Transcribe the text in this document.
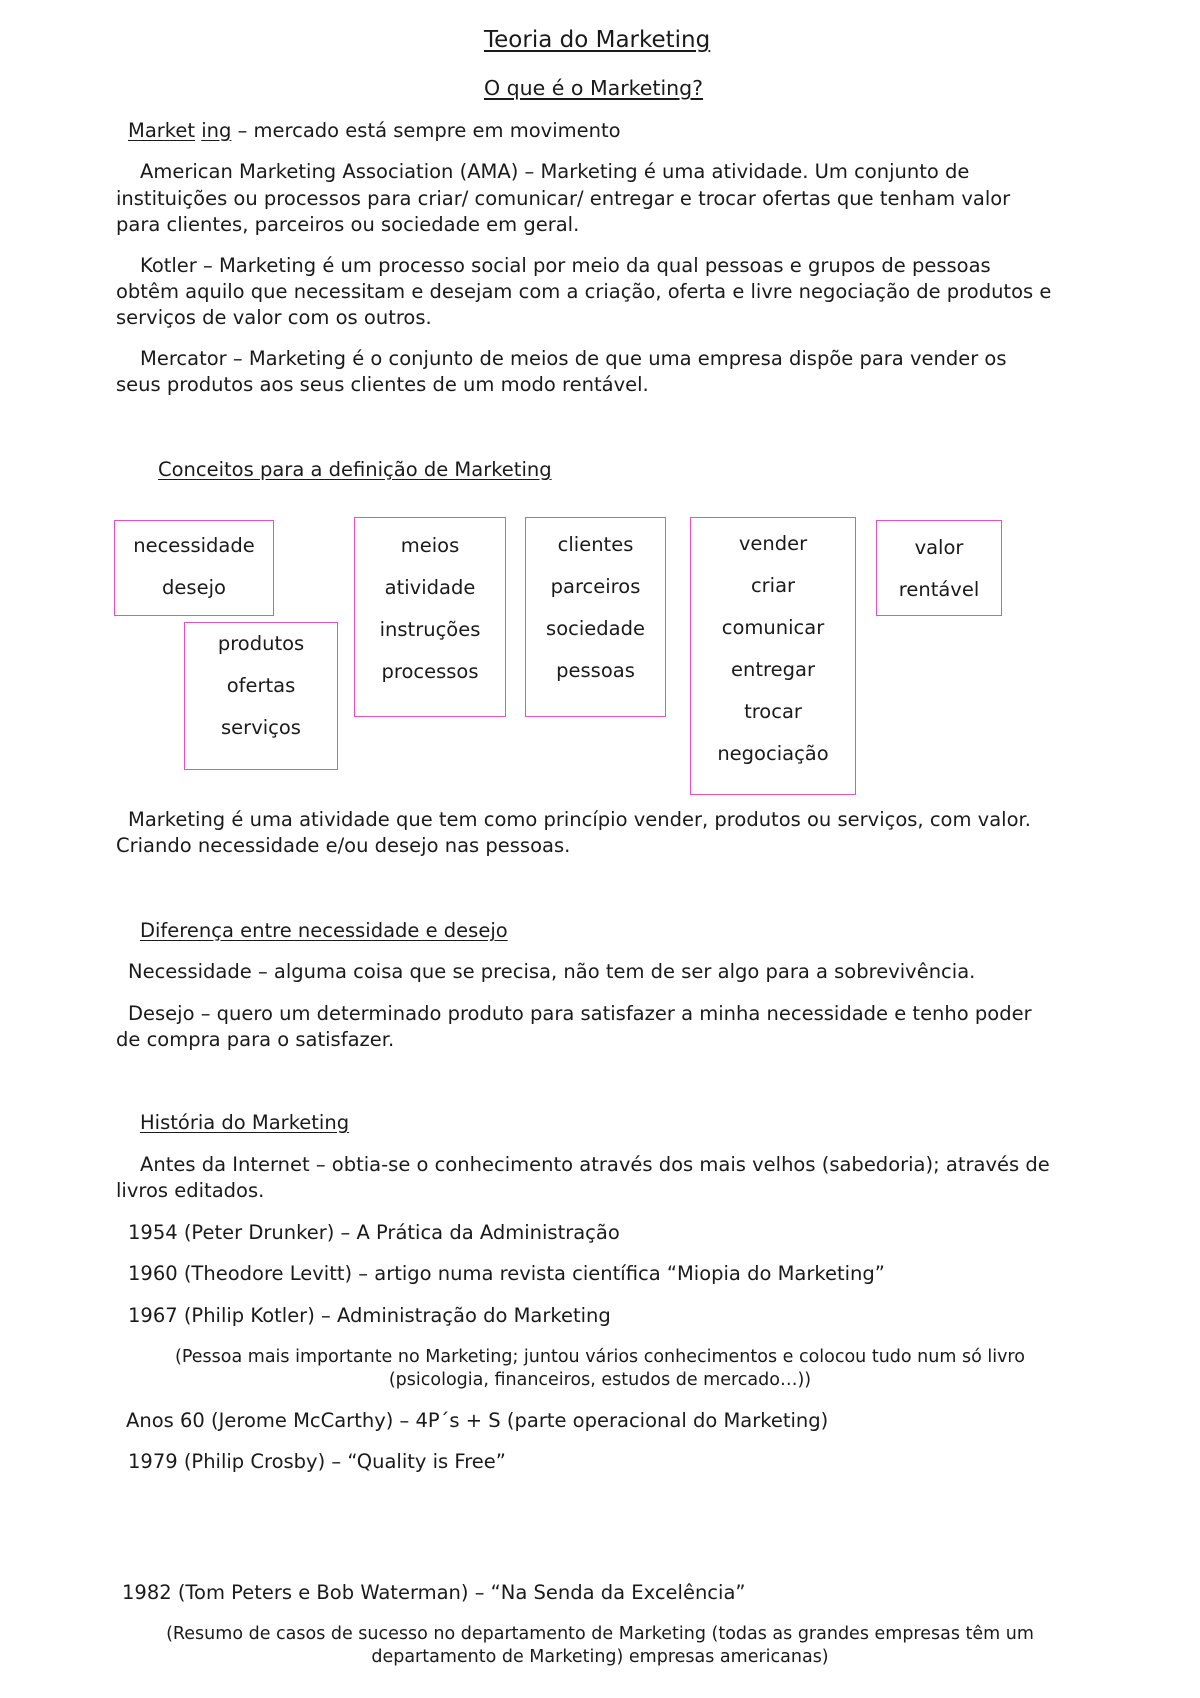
Teoria do Marketing
O que é o Marketing?
Market ing – mercado está sempre em movimento
American Marketing Association (AMA) – Marketing é uma atividade. Um conjunto de
instituições ou processos para criar/ comunicar/ entregar e trocar ofertas que tenham valor
para clientes, parceiros ou sociedade em geral.
Kotler – Marketing é um processo social por meio da qual pessoas e grupos de pessoas
obtêm aquilo que necessitam e desejam com a criação, oferta e livre negociação de produtos e
serviços de valor com os outros.
Mercator – Marketing é o conjunto de meios de que uma empresa dispõe para vender os
seus produtos aos seus clientes de um modo rentável.
Conceitos para a definição de Marketing
necessidade
desejo
produtos
ofertas
serviços
meios
atividade
instruções
processos
clientes
parceiros
sociedade
pessoas
vender
criar
comunicar
entregar
trocar
negociação
valor
rentável
Marketing é uma atividade que tem como princípio vender, produtos ou serviços, com valor.
Criando necessidade e/ou desejo nas pessoas.
Diferença entre necessidade e desejo
Necessidade – alguma coisa que se precisa, não tem de ser algo para a sobrevivência.
Desejo – quero um determinado produto para satisfazer a minha necessidade e tenho poder
de compra para o satisfazer.
História do Marketing
Antes da Internet – obtia-se o conhecimento através dos mais velhos (sabedoria); através de
livros editados.
1954 (Peter Drunker) – A Prática da Administração
1960 (Theodore Levitt) – artigo numa revista científica “Miopia do Marketing”
1967 (Philip Kotler) – Administração do Marketing
(Pessoa mais importante no Marketing; juntou vários conhecimentos e colocou tudo num só livro
(psicologia, financeiros, estudos de mercado…))
Anos 60 (Jerome McCarthy) – 4P´s + S (parte operacional do Marketing)
1979 (Philip Crosby) – “Quality is Free”
1982 (Tom Peters e Bob Waterman) – “Na Senda da Excelência”
(Resumo de casos de sucesso no departamento de Marketing (todas as grandes empresas têm um
departamento de Marketing) empresas americanas)
